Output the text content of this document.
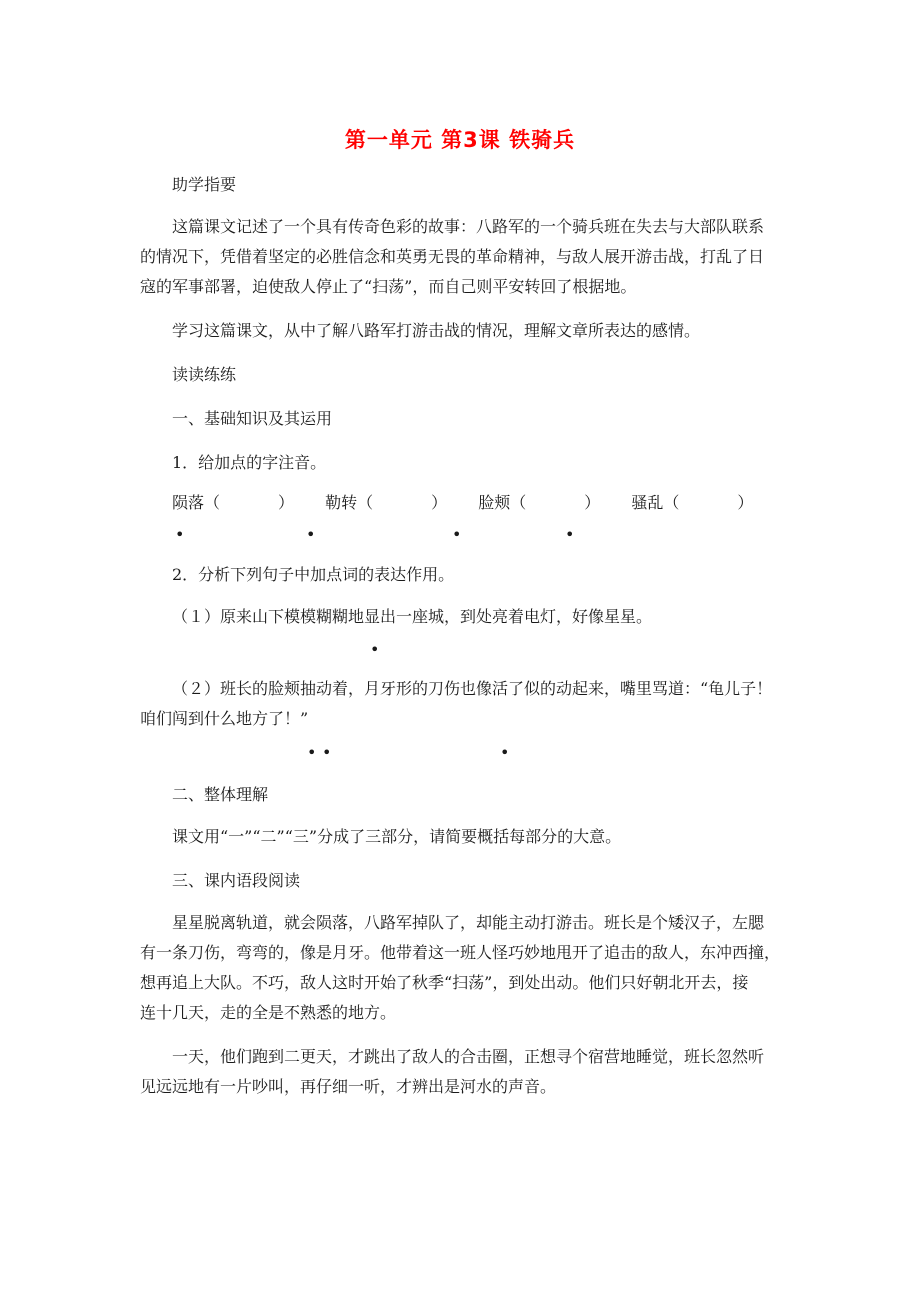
第一单元 第3课 铁骑兵
助学指要
这篇课文记述了一个具有传奇色彩的故事：八路军的一个骑兵班在失去与大部队联系
的情况下，凭借着坚定的必胜信念和英勇无畏的革命精神，与敌人展开游击战，打乱了日
寇的军事部署，迫使敌人停止了“扫荡”，而自己则平安转回了根据地。
学习这篇课文，从中了解八路军打游击战的情况，理解文章所表达的感情。
读读练练
一、基础知识及其运用
1．给加点的字注音。
陨落（	） 勒转（	） 脸颊（	） 骚乱（	）
•	•	•	•
2．分析下列句子中加点词的表达作用。
（１）原来山下模模糊糊地显出一座城，到处亮着电灯，好像星星。
•
（２）班长的脸颊抽动着，月牙形的刀伤也像活了似的动起来，嘴里骂道：“龟儿子！
咱们闯到什么地方了！”
• •	•
二、整体理解
课文用“一”“二”“三”分成了三部分，请简要概括每部分的大意。
三、课内语段阅读
星星脱离轨道，就会陨落，八路军掉队了，却能主动打游击。班长是个矮汉子，左腮
有一条刀伤，弯弯的，像是月牙。他带着这一班人怪巧妙地甩开了追击的敌人，东冲西撞，
想再追上大队。不巧，敌人这时开始了秋季“扫荡”，到处出动。他们只好朝北开去，接
连十几天，走的全是不熟悉的地方。
一天，他们跑到二更天，才跳出了敌人的合击圈，正想寻个宿营地睡觉，班长忽然听
见远远地有一片吵叫，再仔细一听，才辨出是河水的声音。
